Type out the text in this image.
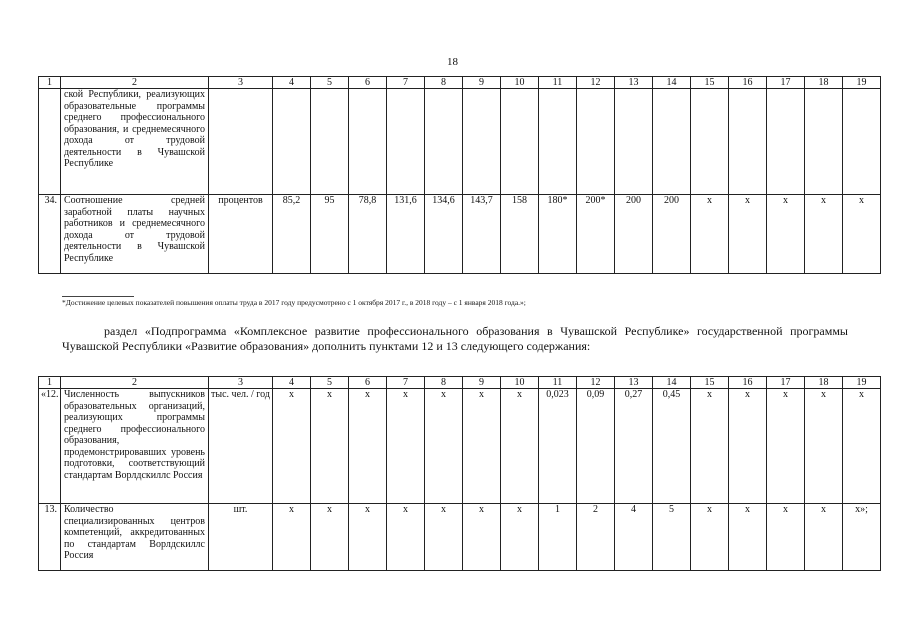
18
1	2	3	4	5	6	7	8	9	10	11	12	13	14	15	16	17	18	19
	ской Республики, реализующих образовательные программы среднего профессионального образования, и среднемесячного дохода от трудовой деятельности в Чувашской Республике																	
34.	Соотношение средней заработной платы научных работников и среднемесячного дохода от трудовой деятельности в Чувашской Республике	процентов	85,2	95	78,8	131,6	134,6	143,7	158	180*	200*	200	200	x	x	x	x	x
*Достижение целевых показателей повышения оплаты труда в 2017 году предусмотрено с 1 октября 2017 г., в 2018 году – с 1 января 2018 года.»;
раздел «Подпрограмма «Комплексное развитие профессионального образования в Чувашской Республике» государственной программы Чувашской Республики «Развитие образования» дополнить пунктами 12 и 13 следующего содержания:
1	2	3	4	5	6	7	8	9	10	11	12	13	14	15	16	17	18	19
«12.	Численность выпускников образовательных организаций, реализующих программы среднего профессионального образования, продемонстрировавших уровень подготовки, соответствующий стандартам Ворлдскиллс Россия	тыс. чел. / год	x	x	x	x	x	x	x	0,023	0,09	0,27	0,45	x	x	x	x	x
13.	Количество специализированных центров компетенций, аккредитованных по стандартам Ворлдскиллс Россия	шт.	x	x	x	x	x	x	x	1	2	4	5	x	x	x	x	x»;
